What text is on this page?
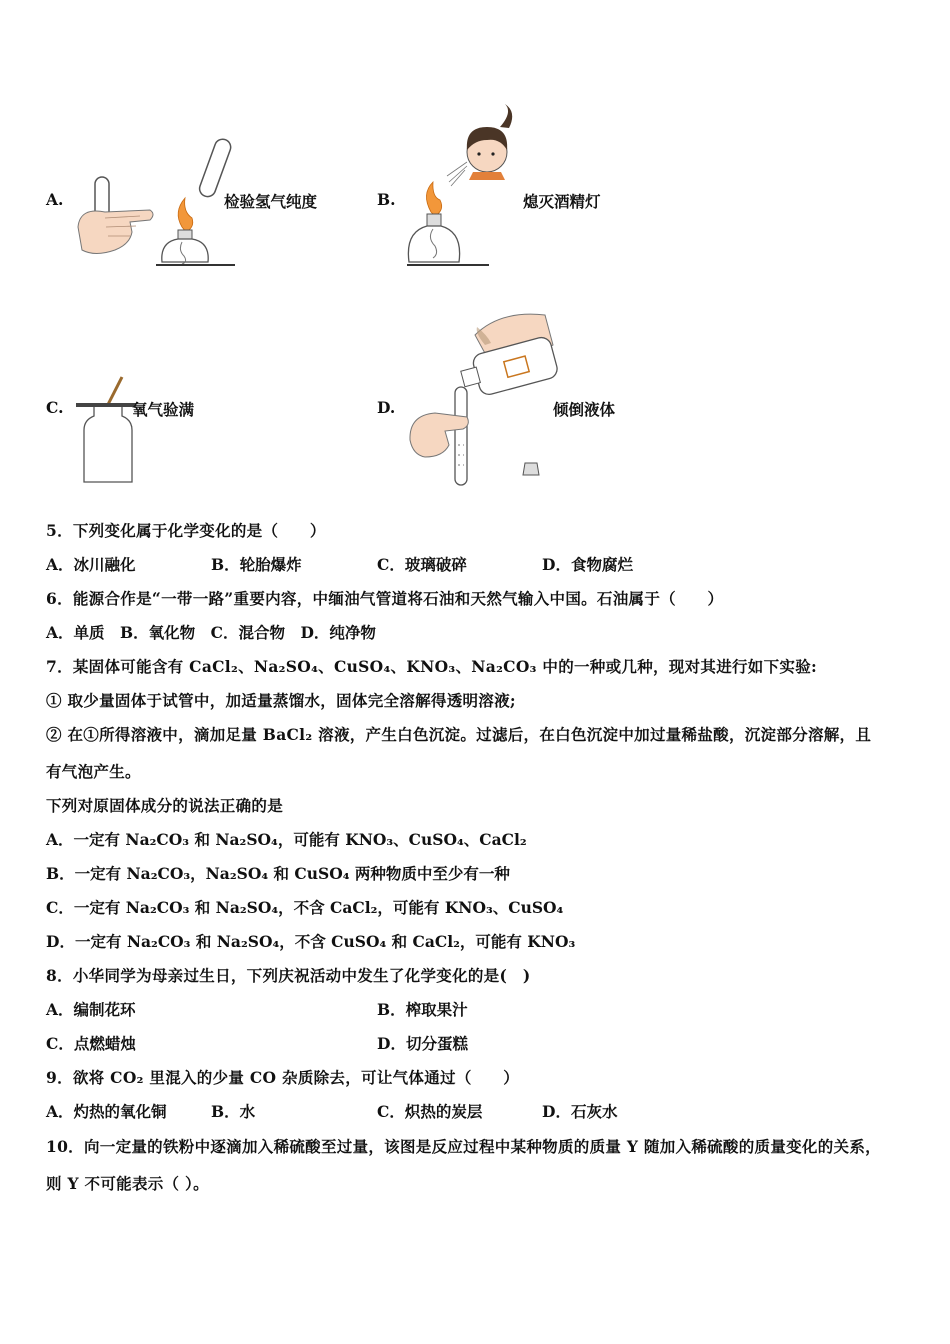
A.	检验氢气纯度	B.	熄灭酒精灯
C.	氧气验满	D.	倾倒液体
5．下列变化属于化学变化的是（　　）
A．冰川融化	B．轮胎爆炸	C．玻璃破碎	D．食物腐烂
6．能源合作是“一带一路”重要内容，中缅油气管道将石油和天然气输入中国。石油属于（　　）
A．单质　B．氧化物　C．混合物　D．纯净物
7．某固体可能含有 CaCl₂、Na₂SO₄、CuSO₄、KNO₃、Na₂CO₃ 中的一种或几种，现对其进行如下实验:
① 取少量固体于试管中，加适量蒸馏水，固体完全溶解得透明溶液;
② 在①所得溶液中，滴加足量 BaCl₂ 溶液，产生白色沉淀。过滤后，在白色沉淀中加过量稀盐酸，沉淀部分溶解，且
有气泡产生。
下列对原固体成分的说法正确的是
A．一定有 Na₂CO₃ 和 Na₂SO₄，可能有 KNO₃、CuSO₄、CaCl₂
B．一定有 Na₂CO₃，Na₂SO₄ 和 CuSO₄ 两种物质中至少有一种
C．一定有 Na₂CO₃ 和 Na₂SO₄，不含 CaCl₂，可能有 KNO₃、CuSO₄
D．一定有 Na₂CO₃ 和 Na₂SO₄，不含 CuSO₄ 和 CaCl₂，可能有 KNO₃
8．小华同学为母亲过生日，下列庆祝活动中发生了化学变化的是(　)
A．编制花环	B．榨取果汁
C．点燃蜡烛	D．切分蛋糕
9．欲将 CO₂ 里混入的少量 CO 杂质除去，可让气体通过（　　）
A．灼热的氧化铜	B．水	C．炽热的炭层	D．石灰水
10．向一定量的铁粉中逐滴加入稀硫酸至过量，该图是反应过程中某种物质的质量 Y 随加入稀硫酸的质量变化的关系，
则 Y 不可能表示（ ）。
